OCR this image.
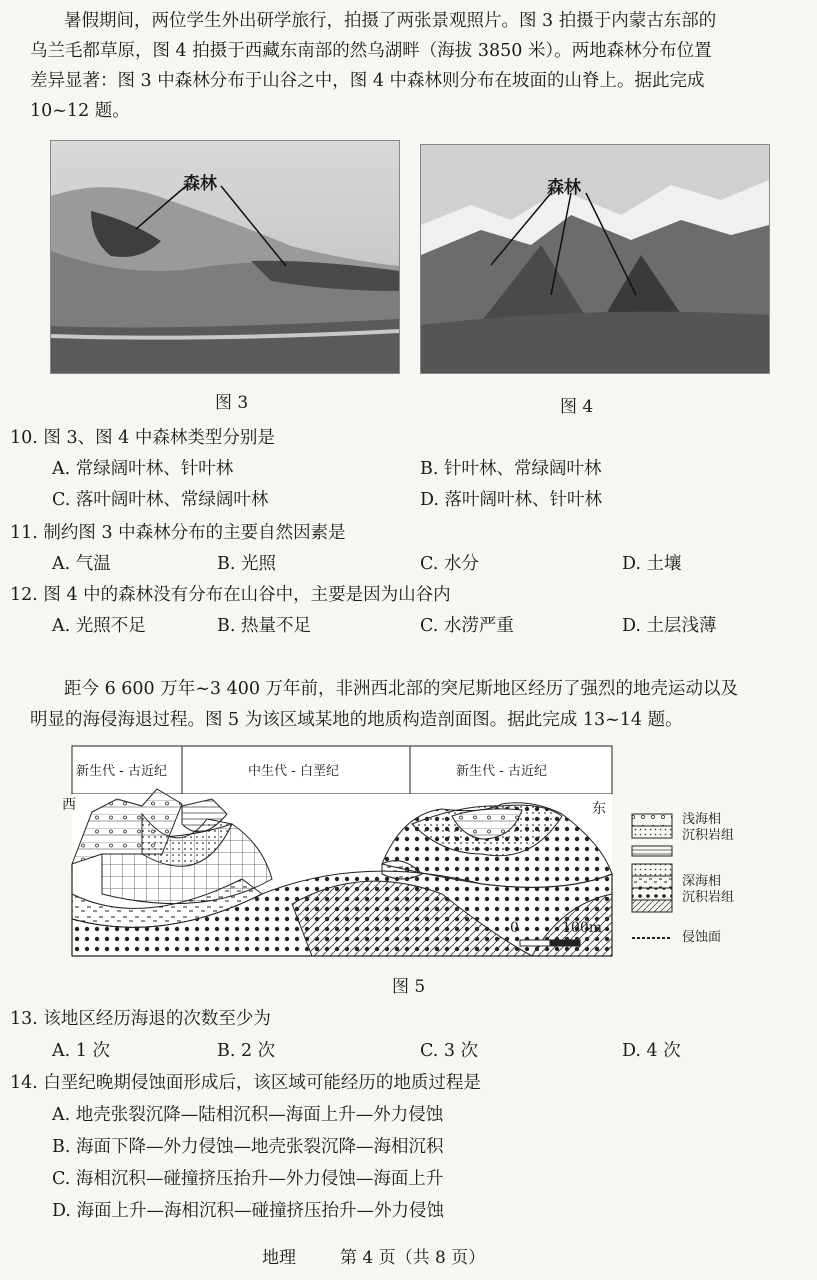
暑假期间，两位学生外出研学旅行，拍摄了两张景观照片。图 3 拍摄于内蒙古东部的
乌兰毛都草原，图 4 拍摄于西藏东南部的然乌湖畔（海拔 3850 米）。两地森林分布位置
差异显著：图 3 中森林分布于山谷之中，图 4 中森林则分布在坡面的山脊上。据此完成
10~12 题。
森林
图 3
森林
图 4
10. 图 3、图 4 中森林类型分别是
A. 常绿阔叶林、针叶林	B. 针叶林、常绿阔叶林
C. 落叶阔叶林、常绿阔叶林	D. 落叶阔叶林、针叶林
11. 制约图 3 中森林分布的主要自然因素是
A. 气温	B. 光照	C. 水分	D. 土壤
12. 图 4 中的森林没有分布在山谷中，主要是因为山谷内
A. 光照不足	B. 热量不足	C. 水涝严重	D. 土层浅薄
距今 6 600 万年~3 400 万年前，非洲西北部的突尼斯地区经历了强烈的地壳运动以及
明显的海侵海退过程。图 5 为该区域某地的地质构造剖面图。据此完成 13~14 题。
新生代 - 古近纪	中生代 - 白垩纪	新生代 - 古近纪
0	100m
西	东
浅海相
沉积岩组
深海相
沉积岩组
侵蚀面
图 5
13. 该地区经历海退的次数至少为
A. 1 次	B. 2 次	C. 3 次	D. 4 次
14. 白垩纪晚期侵蚀面形成后，该区域可能经历的地质过程是
A. 地壳张裂沉降—陆相沉积—海面上升—外力侵蚀
B. 海面下降—外力侵蚀—地壳张裂沉降—海相沉积
C. 海相沉积—碰撞挤压抬升—外力侵蚀—海面上升
D. 海面上升—海相沉积—碰撞挤压抬升—外力侵蚀
地理	第 4 页（共 8 页）
